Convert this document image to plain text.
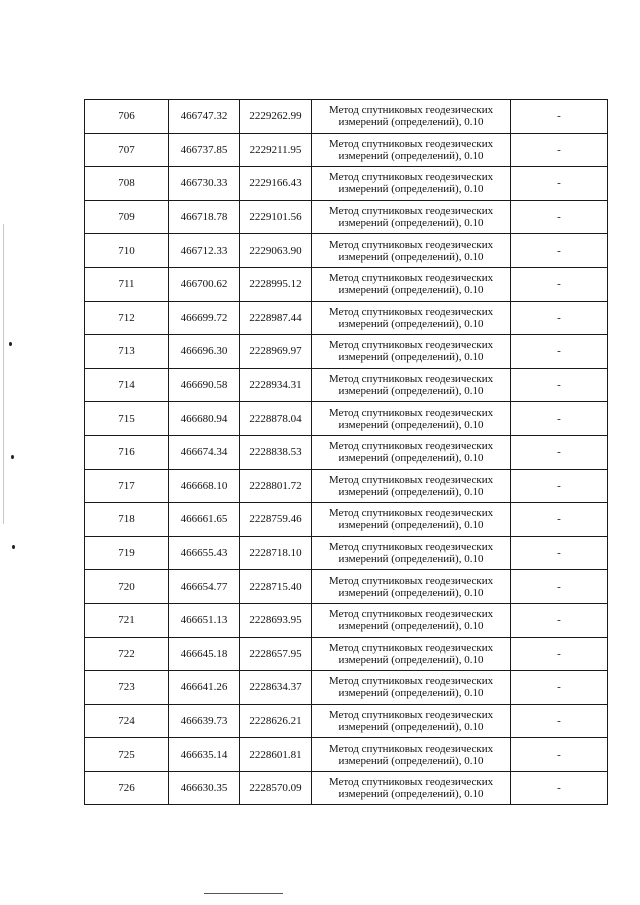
706	466747.32	2229262.99	Метод спутниковых геодезических
измерений (определений), 0.10	-
707	466737.85	2229211.95	Метод спутниковых геодезических
измерений (определений), 0.10	-
708	466730.33	2229166.43	Метод спутниковых геодезических
измерений (определений), 0.10	-
709	466718.78	2229101.56	Метод спутниковых геодезических
измерений (определений), 0.10	-
710	466712.33	2229063.90	Метод спутниковых геодезических
измерений (определений), 0.10	-
711	466700.62	2228995.12	Метод спутниковых геодезических
измерений (определений), 0.10	-
712	466699.72	2228987.44	Метод спутниковых геодезических
измерений (определений), 0.10	-
713	466696.30	2228969.97	Метод спутниковых геодезических
измерений (определений), 0.10	-
714	466690.58	2228934.31	Метод спутниковых геодезических
измерений (определений), 0.10	-
715	466680.94	2228878.04	Метод спутниковых геодезических
измерений (определений), 0.10	-
716	466674.34	2228838.53	Метод спутниковых геодезических
измерений (определений), 0.10	-
717	466668.10	2228801.72	Метод спутниковых геодезических
измерений (определений), 0.10	-
718	466661.65	2228759.46	Метод спутниковых геодезических
измерений (определений), 0.10	-
719	466655.43	2228718.10	Метод спутниковых геодезических
измерений (определений), 0.10	-
720	466654.77	2228715.40	Метод спутниковых геодезических
измерений (определений), 0.10	-
721	466651.13	2228693.95	Метод спутниковых геодезических
измерений (определений), 0.10	-
722	466645.18	2228657.95	Метод спутниковых геодезических
измерений (определений), 0.10	-
723	466641.26	2228634.37	Метод спутниковых геодезических
измерений (определений), 0.10	-
724	466639.73	2228626.21	Метод спутниковых геодезических
измерений (определений), 0.10	-
725	466635.14	2228601.81	Метод спутниковых геодезических
измерений (определений), 0.10	-
726	466630.35	2228570.09	Метод спутниковых геодезических
измерений (определений), 0.10	-
